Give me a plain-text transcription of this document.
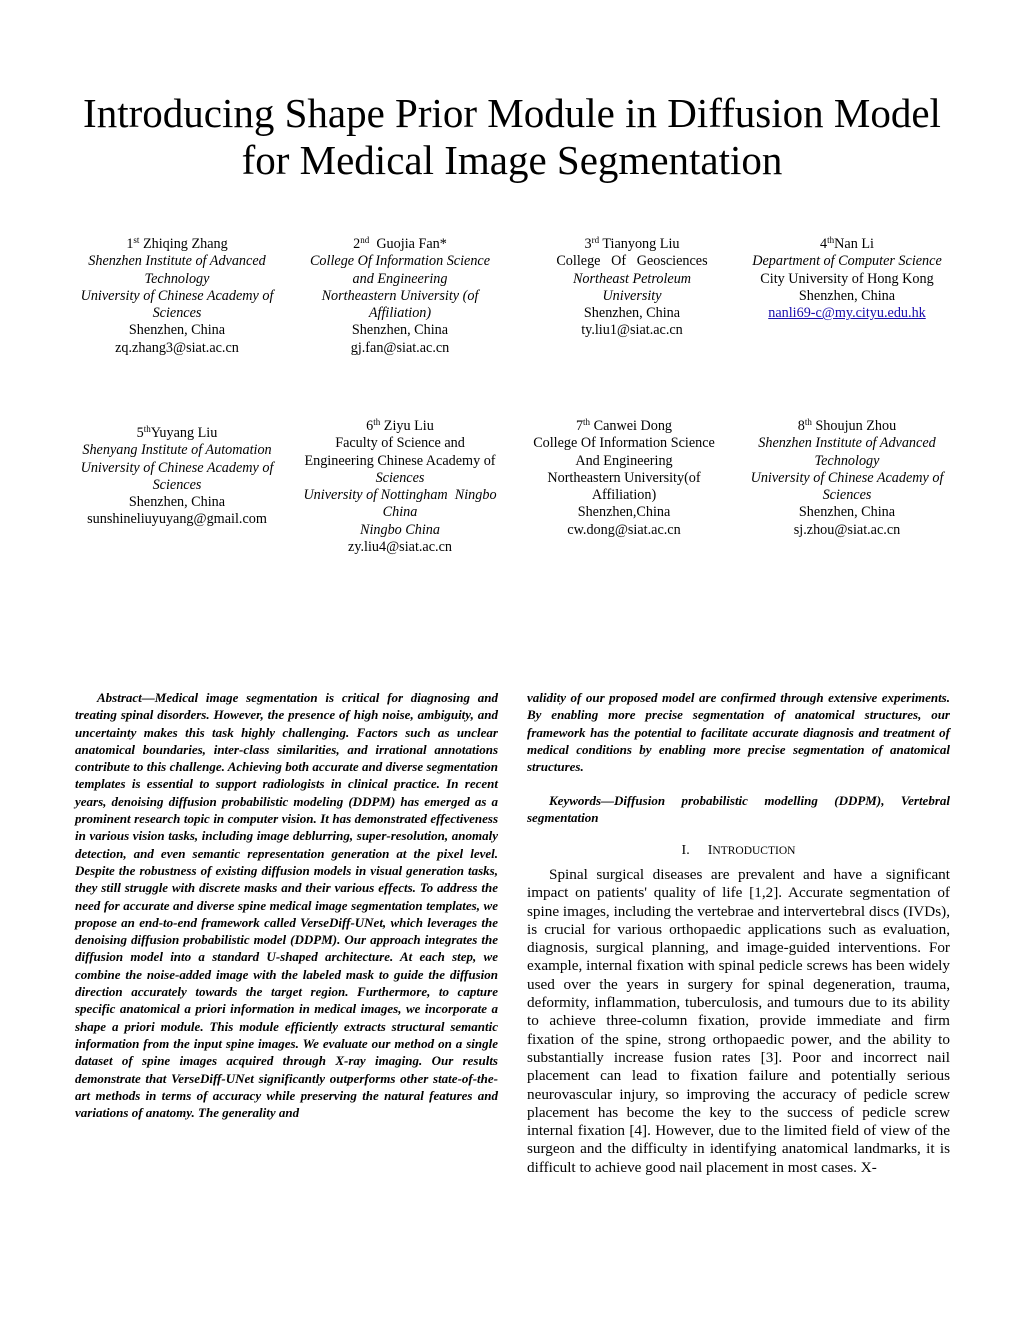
Introducing Shape Prior Module in Diffusion Model
for Medical Image Segmentation
1st Zhiqing Zhang
Shenzhen Institute of Advanced
Technology
University of Chinese Academy of
Sciences
Shenzhen, China
zq.zhang3@siat.ac.cn
2nd  Guojia Fan*
College Of Information Science
and Engineering
Northeastern University (of
Affiliation)
Shenzhen, China
gj.fan@siat.ac.cn
3rd Tianyong Liu
College   Of   Geosciences
Northeast Petroleum
University
Shenzhen, China
ty.liu1@siat.ac.cn
4thNan Li
Department of Computer Science
City University of Hong Kong
Shenzhen, China
nanli69-c@my.cityu.edu.hk
5thYuyang Liu
Shenyang Institute of Automation
University of Chinese Academy of
Sciences
Shenzhen, China
sunshineliuyuyang@gmail.com
6th Ziyu Liu
Faculty of Science and
Engineering Chinese Academy of
Sciences
University of Nottingham  Ningbo
China
Ningbo China
zy.liu4@siat.ac.cn
7th Canwei Dong
College Of Information Science
And Engineering
Northeastern University(of
Affiliation)
Shenzhen,China
cw.dong@siat.ac.cn
8th Shoujun Zhou
Shenzhen Institute of Advanced
Technology
University of Chinese Academy of
Sciences
Shenzhen, China
sj.zhou@siat.ac.cn

Abstract—Medical image segmentation is critical for diagnosing and treating spinal disorders. However, the presence of high noise, ambiguity, and uncertainty makes this task highly challenging. Factors such as unclear anatomical boundaries, inter-class similarities, and irrational annotations contribute to this challenge. Achieving both accurate and diverse segmentation templates is essential to support radiologists in clinical practice. In recent years, denoising diffusion probabilistic modeling (DDPM) has emerged as a prominent research topic in computer vision. It has demonstrated effectiveness in various vision tasks, including image deblurring, super-resolution, anomaly detection, and even semantic representation generation at the pixel level. Despite the robustness of existing diffusion models in visual generation tasks, they still struggle with discrete masks and their various effects. To address the need for accurate and diverse spine medical image segmentation templates, we propose an end-to-end framework called VerseDiff-UNet, which leverages the denoising diffusion probabilistic model (DDPM). Our approach integrates the diffusion model into a standard U-shaped architecture. At each step, we combine the noise-added image with the labeled mask to guide the diffusion direction accurately towards the target region. Furthermore, to capture specific anatomical a priori information in medical images, we incorporate a shape a priori module. This module efficiently extracts structural semantic information from the input spine images. We evaluate our method on a single dataset of spine images acquired through X-ray imaging. Our results demonstrate that VerseDiff-UNet significantly outperforms other state-of-the-art methods in terms of accuracy while preserving the natural features and variations of anatomy. The generality and

validity of our proposed model are confirmed through extensive experiments. By enabling more precise segmentation of anatomical structures, our framework has the potential to facilitate accurate diagnosis and treatment of medical conditions by enabling more precise segmentation of anatomical structures.

Keywords—Diffusion probabilistic modelling (DDPM), Vertebral segmentation

I. INTRODUCTION

Spinal surgical diseases are prevalent and have a significant impact on patients' quality of life [1,2]. Accurate segmentation of spine images, including the vertebrae and intervertebral discs (IVDs), is crucial for various orthopaedic applications such as evaluation, diagnosis, surgical planning, and image-guided interventions. For example, internal fixation with spinal pedicle screws has been widely used over the years in surgery for spinal degeneration, trauma, deformity, inflammation, tuberculosis, and tumours due to its ability to achieve three-column fixation, provide immediate and firm fixation of the spine, strong orthopaedic power, and the ability to substantially increase fusion rates [3]. Poor and incorrect nail placement can lead to fixation failure and potentially serious neurovascular injury, so improving the accuracy of pedicle screw placement has become the key to the success of pedicle screw internal fixation [4]. However, due to the limited field of view of the surgeon and the difficulty in identifying anatomical landmarks, it is difficult to achieve good nail placement in most cases. X-
